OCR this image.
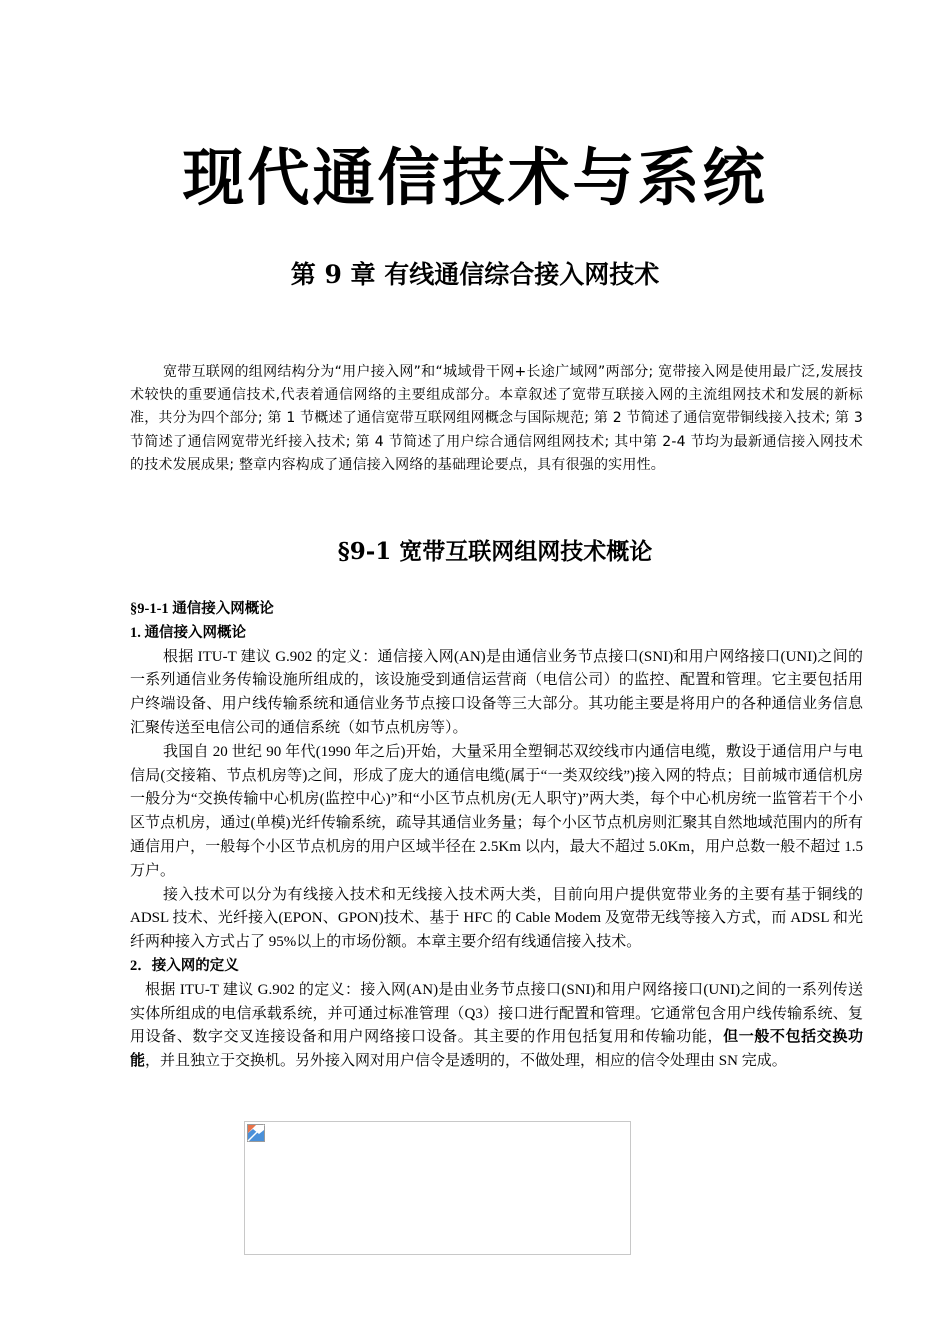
现代通信技术与系统
第 9 章 有线通信综合接入网技术

宽带互联网的组网结构分为“用户接入网”和“城域骨干网+长途广域网”两部分; 宽带接入网是使用最广泛,发展技术较快的重要通信技术,代表着通信网络的主要组成部分。本章叙述了宽带互联接入网的主流组网技术和发展的新标准，共分为四个部分; 第 1 节概述了通信宽带互联网组网概念与国际规范; 第 2 节简述了通信宽带铜线接入技术; 第 3 节简述了通信网宽带光纤接入技术; 第 4 节简述了用户综合通信网组网技术; 其中第 2-4 节均为最新通信接入网技术的技术发展成果; 整章内容构成了通信接入网络的基础理论要点，具有很强的实用性。

§9-1 宽带互联网组网技术概论

§9-1-1 通信接入网概论

1. 通信接入网概论

根据 ITU-T 建议 G.902 的定义：通信接入网(AN)是由通信业务节点接口(SNI)和用户网络接口(UNI)之间的一系列通信业务传输设施所组成的，该设施受到通信运营商（电信公司）的监控、配置和管理。它主要包括用户终端设备、用户线传输系统和通信业务节点接口设备等三大部分。其功能主要是将用户的各种通信业务信息汇聚传送至电信公司的通信系统（如节点机房等）。

我国自 20 世纪 90 年代(1990 年之后)开始，大量采用全塑铜芯双绞线市内通信电缆，敷设于通信用户与电信局(交接箱、节点机房等)之间，形成了庞大的通信电缆(属于“一类双绞线”)接入网的特点；目前城市通信机房一般分为“交换传输中心机房(监控中心)”和“小区节点机房(无人职守)”两大类，每个中心机房统一监管若干个小区节点机房，通过(单模)光纤传输系统，疏导其通信业务量；每个小区节点机房则汇聚其自然地域范围内的所有通信用户，一般每个小区节点机房的用户区域半径在 2.5Km 以内，最大不超过 5.0Km，用户总数一般不超过 1.5 万户。

接入技术可以分为有线接入技术和无线接入技术两大类，目前向用户提供宽带业务的主要有基于铜线的 ADSL 技术、光纤接入(EPON、GPON)技术、基于 HFC 的 Cable Modem 及宽带无线等接入方式，而 ADSL 和光纤两种接入方式占了 95%以上的市场份额。本章主要介绍有线通信接入技术。

2．接入网的定义

根据 ITU-T 建议 G.902 的定义：接入网(AN)是由业务节点接口(SNI)和用户网络接口(UNI)之间的一系列传送实体所组成的电信承载系统，并可通过标准管理（Q3）接口进行配置和管理。它通常包含用户线传输系统、复用设备、数字交叉连接设备和用户网络接口设备。其主要的作用包括复用和传输功能，但一般不包括交换功能，并且独立于交换机。另外接入网对用户信令是透明的，不做处理，相应的信令处理由 SN 完成。
